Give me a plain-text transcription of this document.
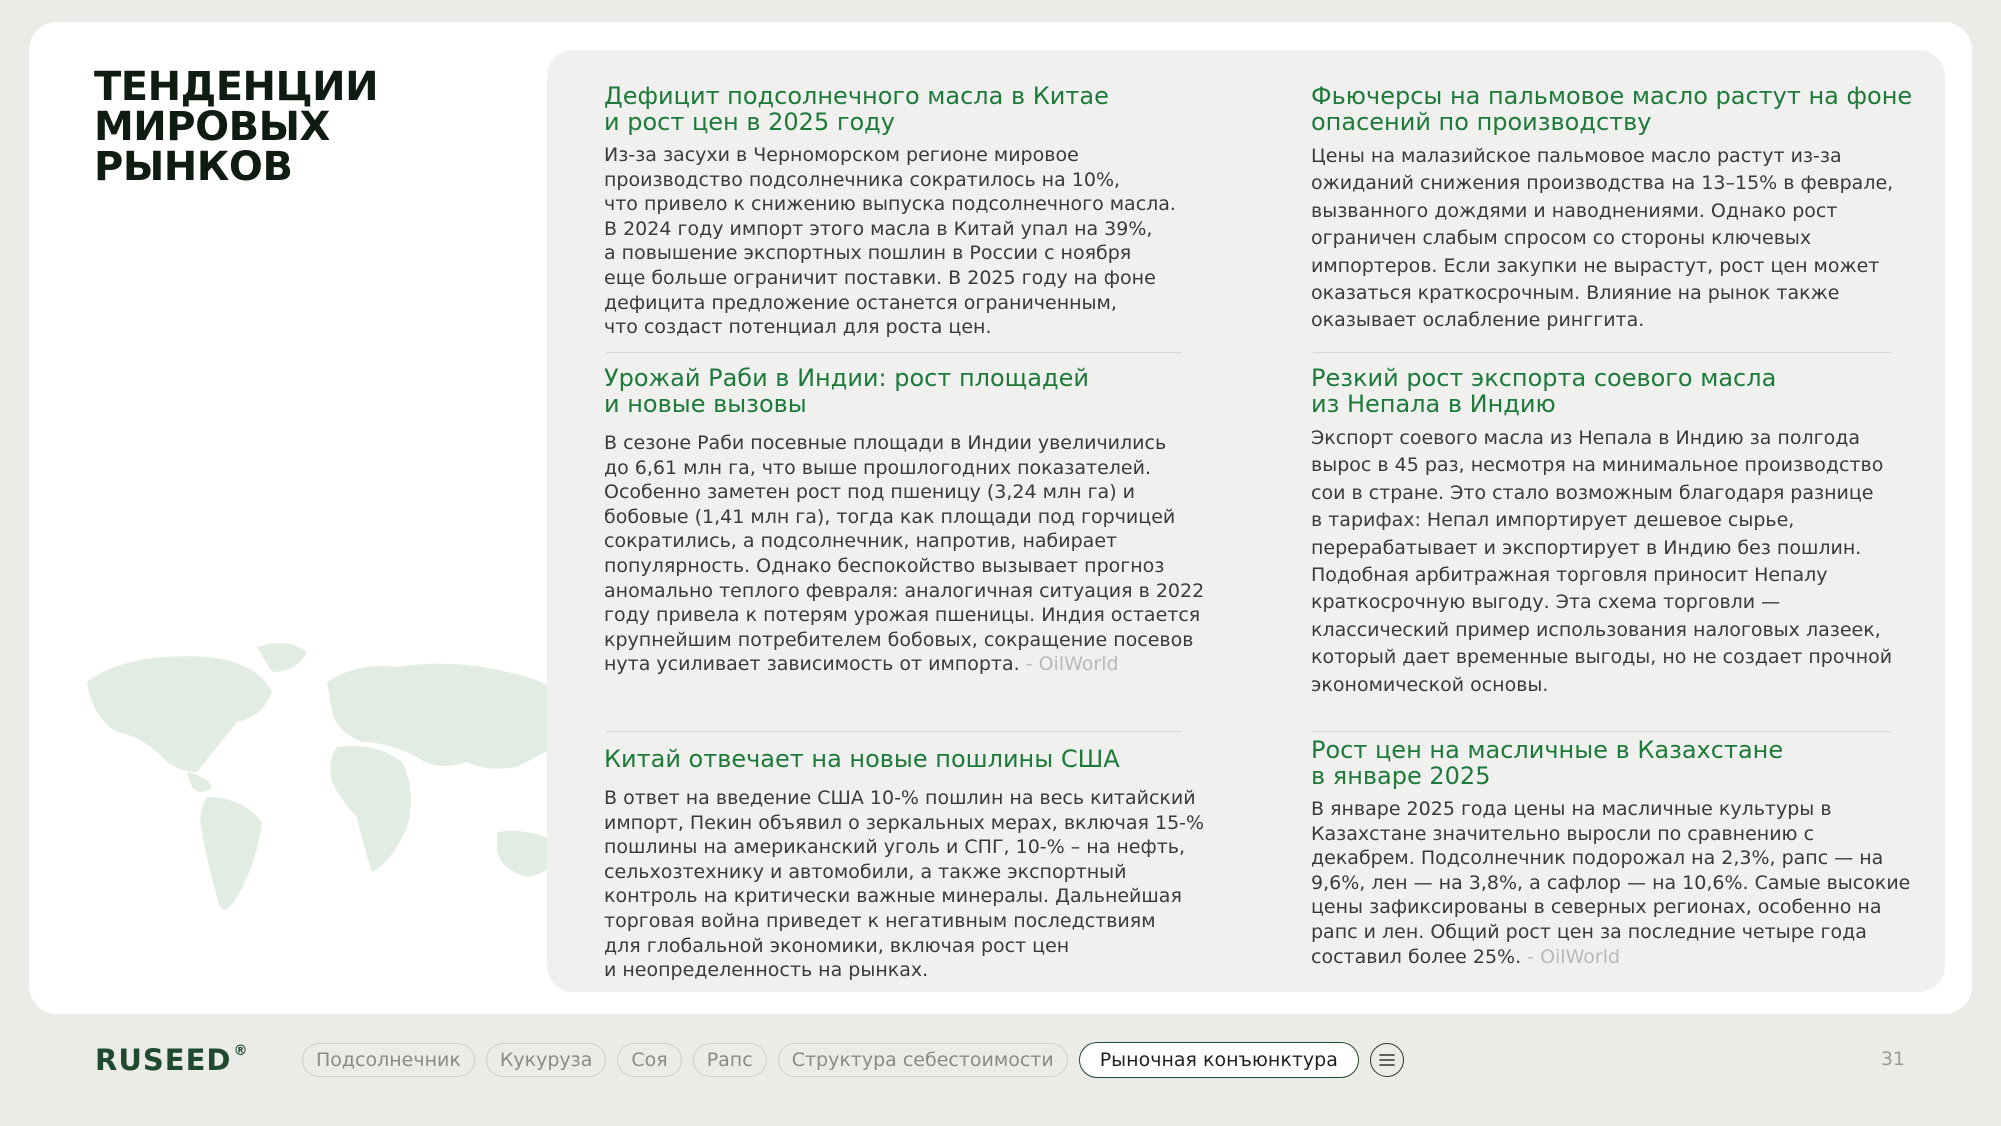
ТЕНДЕНЦИИ
МИРОВЫХ
РЫНКОВ
Дефицит подсолнечного масла в Китае
и рост цен в 2025 году

Из-за засухи в Черноморском регионе мировое
производство подсолнечника сократилось на 10%,
что привело к снижению выпуска подсолнечного масла.
В 2024 году импорт этого масла в Китай упал на 39%,
а повышение экспортных пошлин в России с ноября
еще больше ограничит поставки. В 2025 году на фоне
дефицита предложение останется ограниченным,
что создаст потенциал для роста цен.

Урожай Раби в Индии: рост площадей
и новые вызовы

В сезоне Раби посевные площади в Индии увеличились
до 6,61 млн га, что выше прошлогодних показателей.
Особенно заметен рост под пшеницу (3,24 млн га) и
бобовые (1,41 млн га), тогда как площади под горчицей
сократились, а подсолнечник, напротив, набирает
популярность. Однако беспокойство вызывает прогноз
аномально теплого февраля: аналогичная ситуация в 2022
году привела к потерям урожая пшеницы. Индия остается
крупнейшим потребителем бобовых, сокращение посевов
нута усиливает зависимость от импорта. - OilWorld

Китай отвечает на новые пошлины США

В ответ на введение США 10-% пошлин на весь китайский
импорт, Пекин объявил о зеркальных мерах, включая 15-%
пошлины на американский уголь и СПГ, 10-% – на нефть,
сельхозтехнику и автомобили, а также экспортный
контроль на критически важные минералы. Дальнейшая
торговая война приведет к негативным последствиям
для глобальной экономики, включая рост цен
и неопределенность на рынках.

Фьючерсы на пальмовое масло растут на фоне
опасений по производству

Цены на малазийское пальмовое масло растут из-за
ожиданий снижения производства на 13–15% в феврале,
вызванного дождями и наводнениями. Однако рост
ограничен слабым спросом со стороны ключевых
импортеров. Если закупки не вырастут, рост цен может
оказаться краткосрочным. Влияние на рынок также
оказывает ослабление ринггита.

Резкий рост экспорта соевого масла
из Непала в Индию

Экспорт соевого масла из Непала в Индию за полгода
вырос в 45 раз, несмотря на минимальное производство
сои в стране. Это стало возможным благодаря разнице
в тарифах: Непал импортирует дешевое сырье,
перерабатывает и экспортирует в Индию без пошлин.
Подобная арбитражная торговля приносит Непалу
краткосрочную выгоду. Эта схема торговли —
классический пример использования налоговых лазеек,
который дает временные выгоды, но не создает прочной
экономической основы.

Рост цен на масличные в Казахстане
в январе 2025

В январе 2025 года цены на масличные культуры в
Казахстане значительно выросли по сравнению с
декабрем. Подсолнечник подорожал на 2,3%, рапс — на
9,6%, лен — на 3,8%, а сафлор — на 10,6%. Самые высокие
цены зафиксированы в северных регионах, особенно на
рапс и лен. Общий рост цен за последние четыре года
составил более 25%. - OilWorld

RUSEED ®	Подсолнечник	Кукуруза	Соя	Рапс	Структура себестоимости	Рыночная конъюнктура	31
